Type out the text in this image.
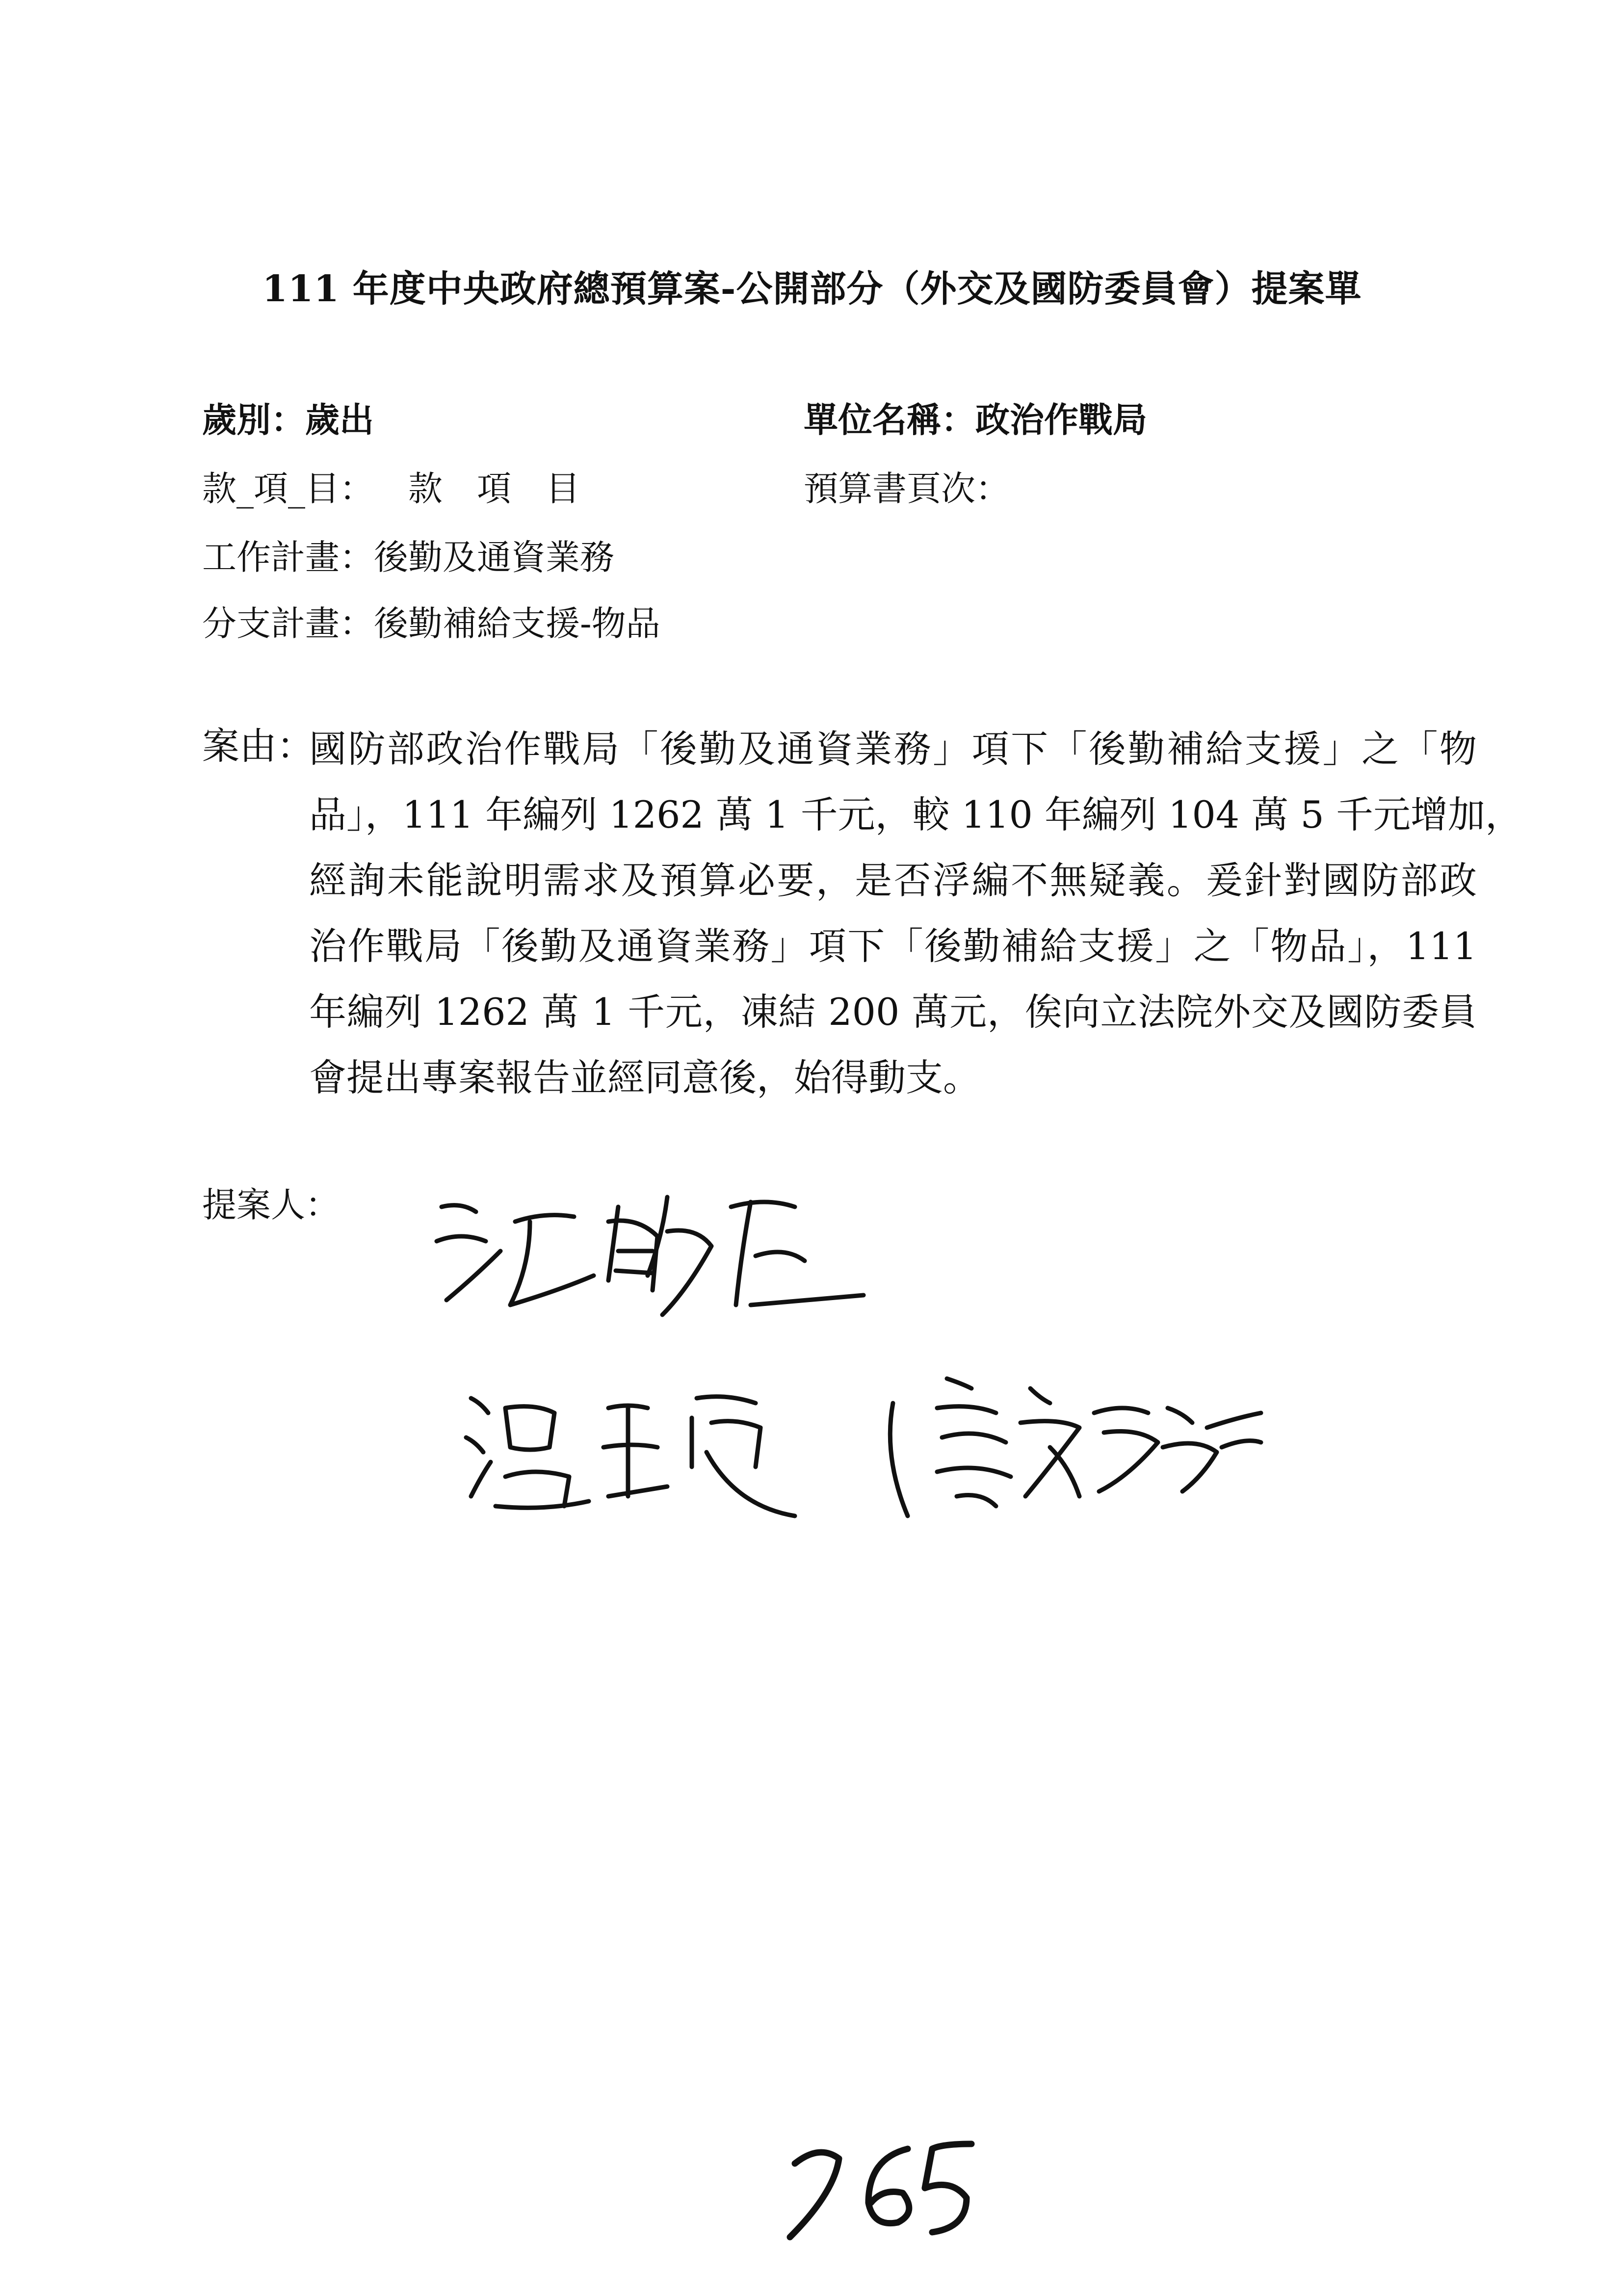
111 年度中央政府總預算案-公開部分（外交及國防委員會）提案單
歲別：歲出	單位名稱：政治作戰局
款_項_目： 款　項　目	預算書頁次：
工作計畫：後勤及通資業務
分支計畫：後勤補給支援-物品
案由：
國防部政治作戰局「後勤及通資業務」項下「後勤補給支援」之「物
品」，111 年編列 1262 萬 1 千元，較 110 年編列 104 萬 5 千元增加，
經詢未能說明需求及預算必要，是否浮編不無疑義。爰針對國防部政
治作戰局「後勤及通資業務」項下「後勤補給支援」之「物品」，111
年編列 1262 萬 1 千元，凍結 200 萬元，俟向立法院外交及國防委員
會提出專案報告並經同意後，始得動支。
提案人：
